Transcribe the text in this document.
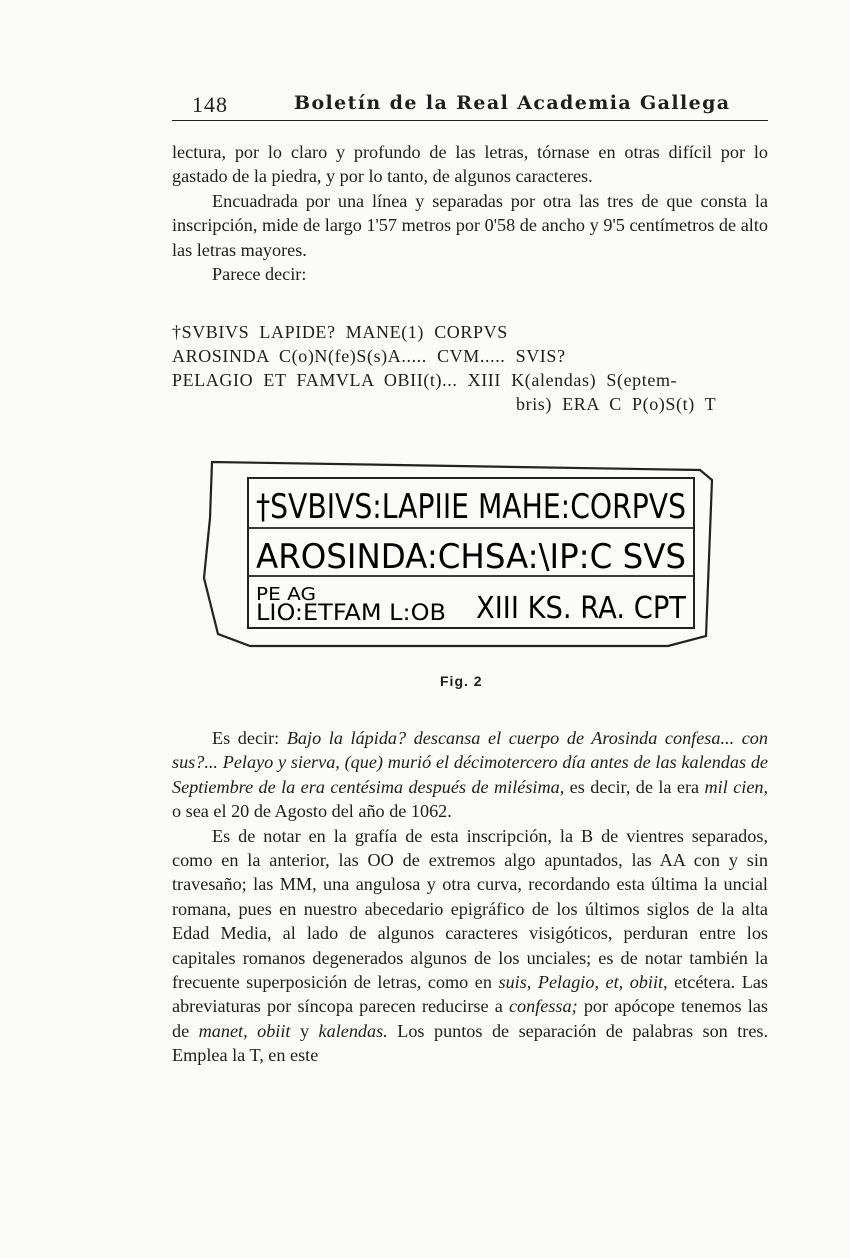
148	Boletín de la Real Academia Gallega

lectura, por lo claro y profundo de las letras, tórnase en otras difícil por lo gastado de la piedra, y por lo tanto, de algunos caracteres.

Encuadrada por una línea y separadas por otra las tres de que consta la inscripción, mide de largo 1'57 metros por 0'58 de ancho y 9'5 centímetros de alto las letras mayores.

Parece decir:

†SVBIVS  LAPIDE?  MANE(1)  CORPVS
AROSINDA  C(o)N(fe)S(s)A.....  CVM.....  SVIS?
PELAGIO  ET  FAMVLA  OBII(t)...  XIII  K(alendas)  S(eptem-
bris)  ERA  C  P(o)S(t)  T
†SVBIVS:LAPIIE MAHE:CORPVS
AROSINDA:CHSA:\IP:C SVS
PE AG
LIO:ETFAM L:OB XIII KS. RA. CPT
Fig. 2

Es decir: Bajo la lápida? descansa el cuerpo de Arosinda confesa... con sus?... Pelayo y sierva, (que) murió el décimotercero día antes de las kalendas de Septiembre de la era centésima después de milésima, es decir, de la era mil cien, o sea el 20 de Agosto del año de 1062.

Es de notar en la grafía de esta inscripción, la B de vientres separados, como en la anterior, las OO de extremos algo apuntados, las AA con y sin travesaño; las MM, una angulosa y otra curva, recordando esta última la uncial romana, pues en nuestro abecedario epigráfico de los últimos siglos de la alta Edad Media, al lado de algunos caracteres visigóticos, perduran entre los capitales romanos degenerados algunos de los unciales; es de notar también la frecuente superposición de letras, como en suis, Pelagio, et, obiit, etcétera. Las abreviaturas por síncopa parecen reducirse a confessa; por apócope tenemos las de manet, obiit y kalendas. Los puntos de separación de palabras son tres. Emplea la T, en este
